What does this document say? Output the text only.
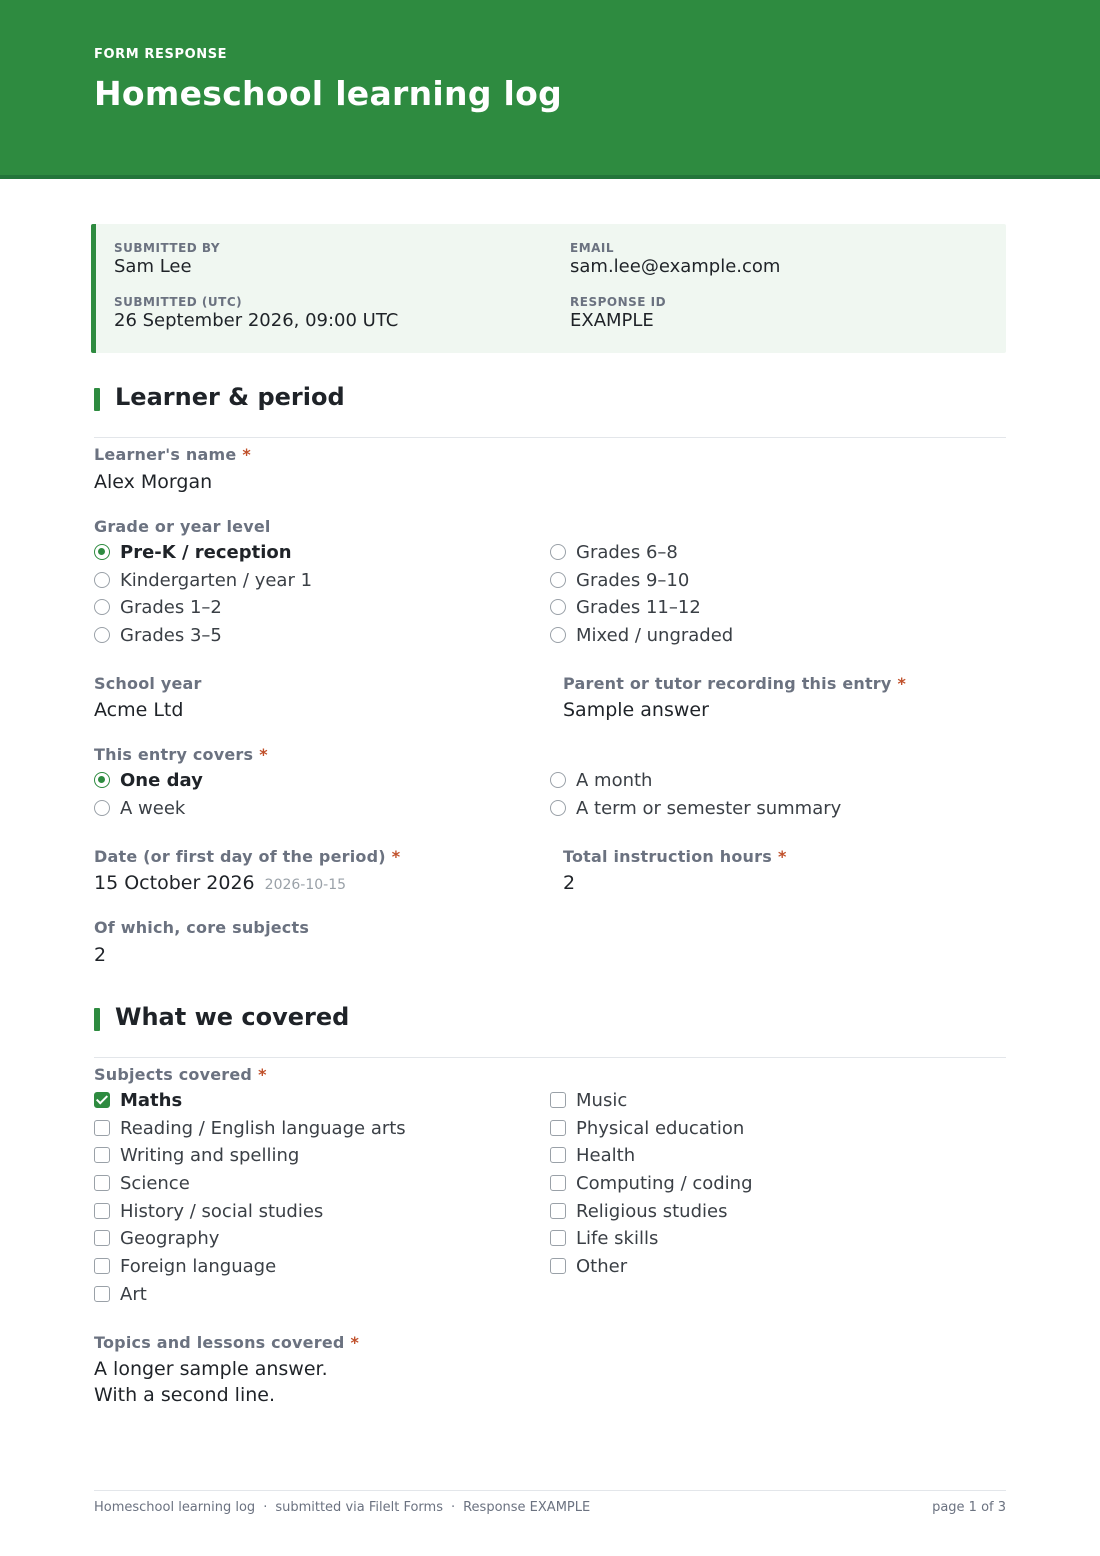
FORM RESPONSE
Homeschool learning log
SUBMITTED BY
Sam Lee
EMAIL
sam.lee@example.com
SUBMITTED (UTC)
26 September 2026, 09:00 UTC
RESPONSE ID
EXAMPLE
Learner & period
Learner's name *
Alex Morgan
Grade or year level
Pre-K / reception
Kindergarten / year 1
Grades 1–2
Grades 3–5
Grades 6–8
Grades 9–10
Grades 11–12
Mixed / ungraded
School year
Acme Ltd
Parent or tutor recording this entry *
Sample answer
This entry covers *
One day
A week
A month
A term or semester summary
Date (or first day of the period) *
15 October 2026 2026-10-15
Total instruction hours *
2
Of which, core subjects
2
What we covered
Subjects covered *
Maths
Reading / English language arts
Writing and spelling
Science
History / social studies
Geography
Foreign language
Art
Music
Physical education
Health
Computing / coding
Religious studies
Life skills
Other
Topics and lessons covered *
A longer sample answer.
With a second line.
Homeschool learning log · submitted via Filelt Forms · Response EXAMPLE	page 1 of 3
